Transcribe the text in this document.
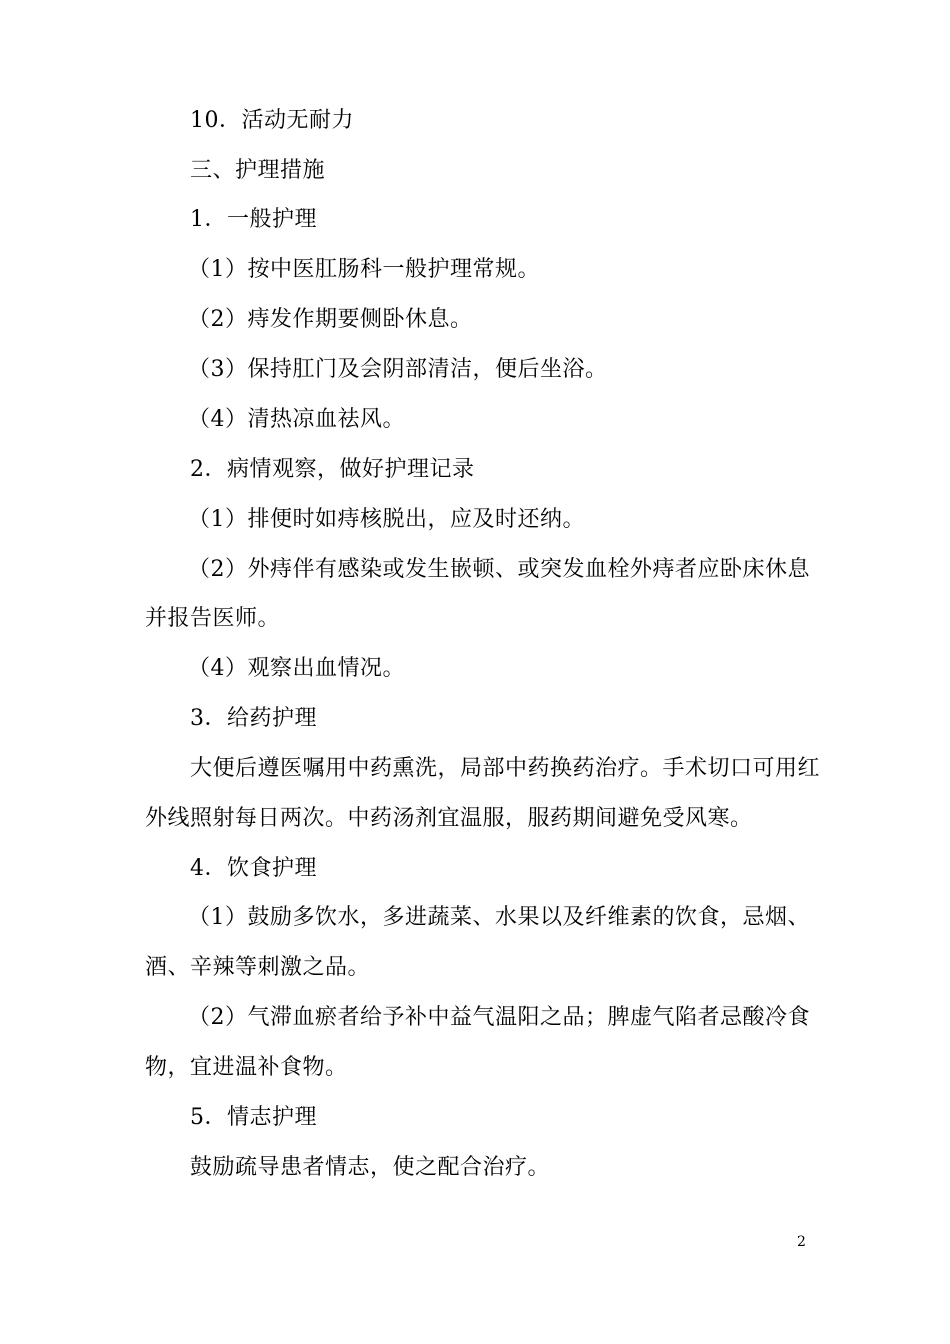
10．活动无耐力
三、护理措施
1．一般护理
（1）按中医肛肠科一般护理常规。
（2）痔发作期要侧卧休息。
（3）保持肛门及会阴部清洁，便后坐浴。
（4）清热凉血祛风。
2．病情观察，做好护理记录
（1）排便时如痔核脱出，应及时还纳。
（2）外痔伴有感染或发生嵌顿、或突发血栓外痔者应卧床休息
并报告医师。
（4）观察出血情况。
3．给药护理
大便后遵医嘱用中药熏洗，局部中药换药治疗。手术切口可用红
外线照射每日两次。中药汤剂宜温服，服药期间避免受风寒。
4．饮食护理
（1）鼓励多饮水，多进蔬菜、水果以及纤维素的饮食，忌烟、
酒、辛辣等刺激之品。
（2）气滞血瘀者给予补中益气温阳之品；脾虚气陷者忌酸冷食
物，宜进温补食物。
5．情志护理
鼓励疏导患者情志，使之配合治疗。
2
